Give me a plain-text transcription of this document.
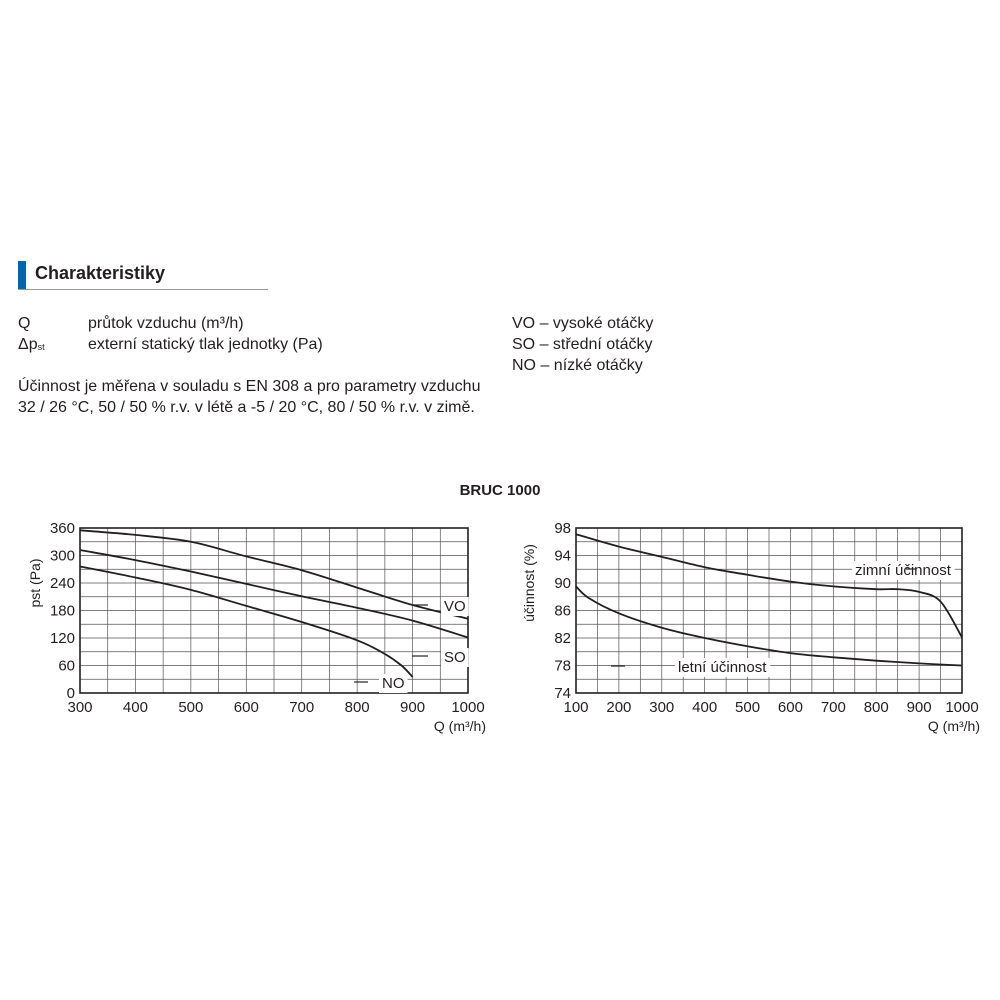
Charakteristiky
Q	průtok vzduchu (m³/h)
$\Delta p_{st}$	externí statický tlak jednotky (Pa)
VO – vysoké otáčky
SO – střední otáčky
NO – nízké otáčky
Účinnost je měřena v souladu s EN 308 a pro parametry vzduchu 32 / 26 °C, 50 / 50 % r.v. v létě a -5 / 20 °C, 80 / 50 % r.v. v zimě.
BRUC 1000
300 400 500 600 700 800 900 1000
0
60
120
180
240
300
360
Q (m³/h)
pst (Pa)	VO
SO
NO
100 200 300 400 500 600 700 800 900 1000
74
78
82
86
90
94
98
Q (m³/h)
účinnost (%)	zimní účinnost
letní účinnost
